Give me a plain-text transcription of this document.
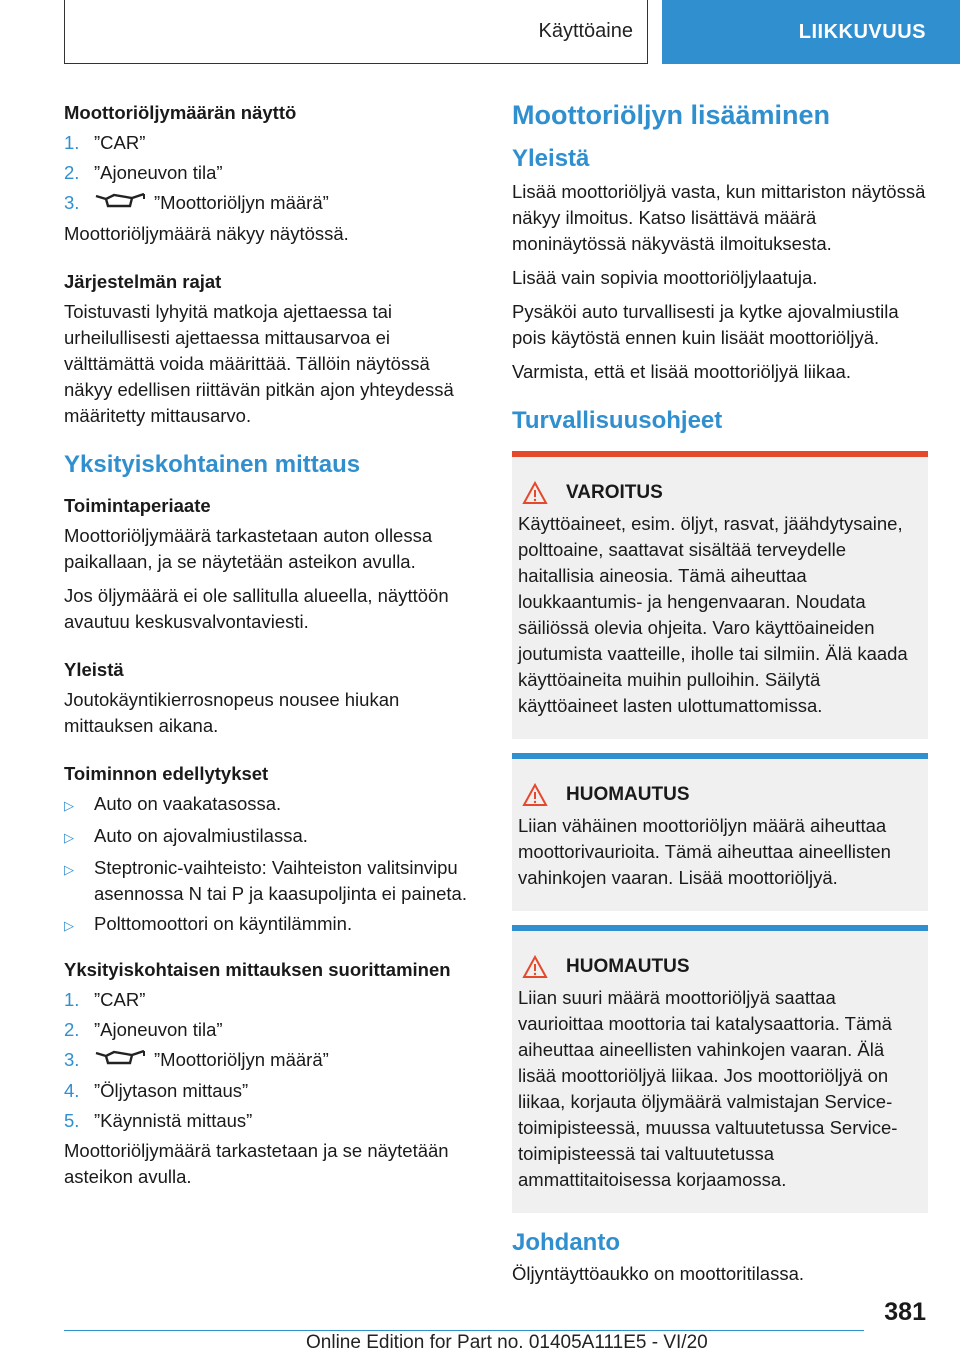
Käyttöaine	LIIKKUVUUS

Moottoriöljymäärän näyttö

1. ”CAR”
2. ”Ajoneuvon tila”
3.	”Moottoriöljyn määrä”

Moottoriöljymäärä näkyy näytössä.

Järjestelmän rajat

Toistuvasti lyhyitä matkoja ajettaessa tai urheilullisesti ajettaessa mittausarvoa ei välttämättä voida määrittää. Tällöin näytössä näkyy edellisen riittävän pitkän ajon yhteydessä määritetty mittausarvo.

Yksityiskohtainen mittaus

Toimintaperiaate

Moottoriöljymäärä tarkastetaan auton ollessa paikallaan, ja se näytetään asteikon avulla.

Jos öljymäärä ei ole sallitulla alueella, näyttöön avautuu keskusvalvontaviesti.

Yleistä

Joutokäyntikierrosnopeus nousee hiukan mittauksen aikana.

Toiminnon edellytykset

▷	Auto on vaakatasossa.
▷	Auto on ajovalmiustilassa.
▷	Steptronic-vaihteisto: Vaihteiston valitsinvipu asennossa N tai P ja kaasupoljinta ei paineta.
▷	Polttomoottori on käyntilämmin.

Yksityiskohtaisen mittauksen suorittaminen

1. ”CAR”
2. ”Ajoneuvon tila”
3.	”Moottoriöljyn määrä”
4. ”Öljytason mittaus”
5. ”Käynnistä mittaus”

Moottoriöljymäärä tarkastetaan ja se näytetään asteikon avulla.

Moottoriöljyn lisääminen

Yleistä

Lisää moottoriöljyä vasta, kun mittariston näytössä näkyy ilmoitus. Katso lisättävä määrä moninäytössä näkyvästä ilmoituksesta.

Lisää vain sopivia moottoriöljylaatuja.

Pysäköi auto turvallisesti ja kytke ajovalmiustila pois käytöstä ennen kuin lisäät moottoriöljyä.

Varmista, että et lisää moottoriöljyä liikaa.

Turvallisuusohjeet

VAROITUS

Käyttöaineet, esim. öljyt, rasvat, jäähdytysaine, polttoaine, saattavat sisältää terveydelle haitallisia aineosia. Tämä aiheuttaa loukkaantumis- ja hengenvaaran. Noudata säiliössä olevia ohjeita. Varo käyttöaineiden joutumista vaatteille, iholle tai silmiin. Älä kaada käyttöaineita muihin pulloihin. Säilytä käyttöaineet lasten ulottumattomissa.

HUOMAUTUS

Liian vähäinen moottoriöljyn määrä aiheuttaa moottorivaurioita. Tämä aiheuttaa aineellisten vahinkojen vaaran. Lisää moottoriöljyä.

HUOMAUTUS

Liian suuri määrä moottoriöljyä saattaa vaurioittaa moottoria tai katalysaattoria. Tämä aiheuttaa aineellisten vahinkojen vaaran. Älä lisää moottoriöljyä liikaa. Jos moottoriöljyä on liikaa, korjauta öljymäärä valmistajan Service-toimipisteessä, muussa valtuutetussa Service-toimipisteessä tai valtuutetussa ammattitaitoisessa korjaamossa.

Johdanto

Öljyntäyttöaukko on moottoritilassa.

381
Online Edition for Part no. 01405A111E5 - VI/20
